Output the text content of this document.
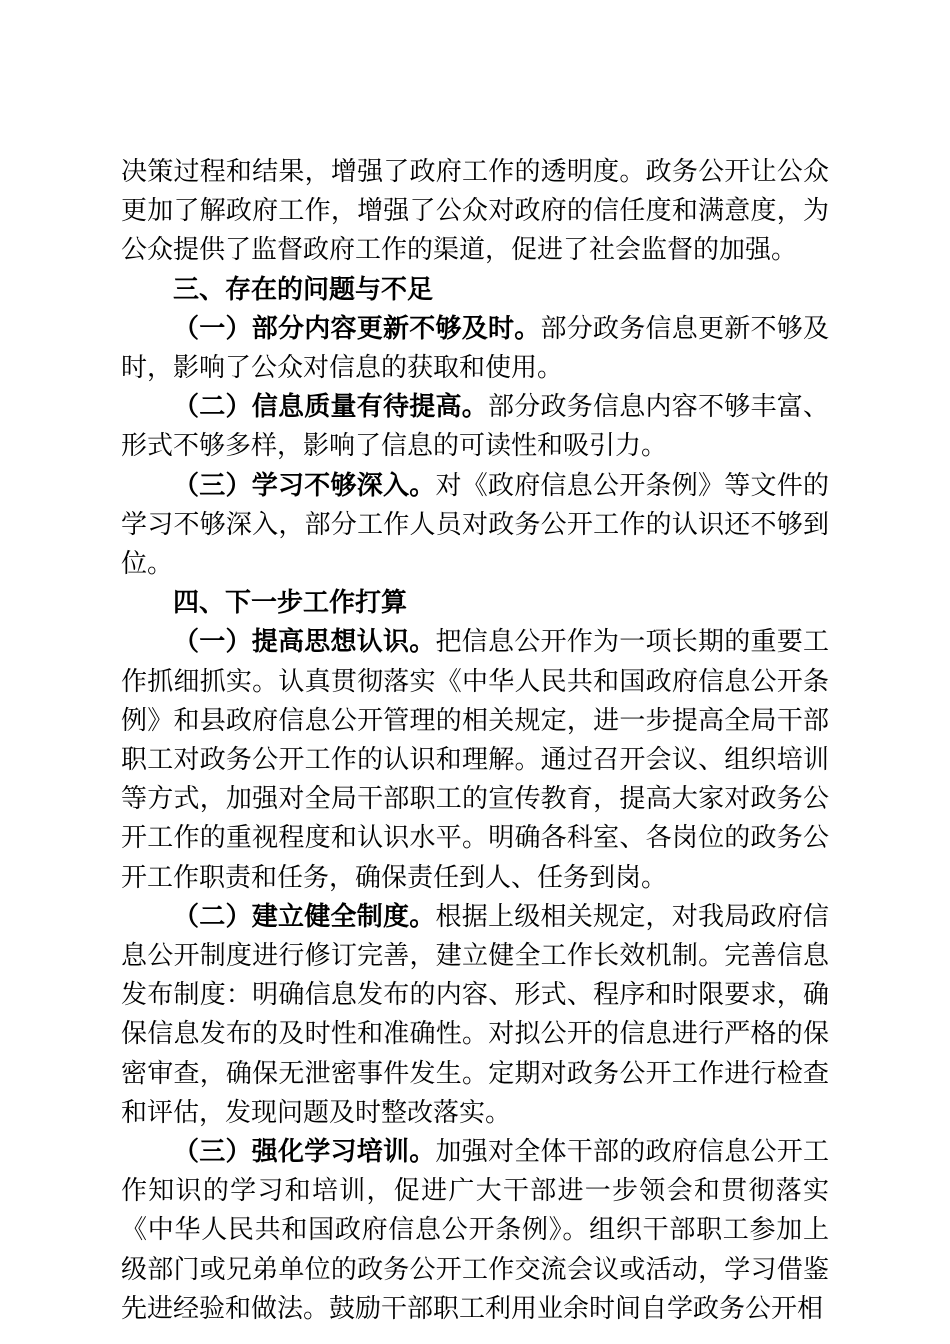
决策过程和结果，增强了政府工作的透明度。政务公开让公众更加了解政府工作，增强了公众对政府的信任度和满意度，为公众提供了监督政府工作的渠道，促进了社会监督的加强。

三、存在的问题与不足

（一）部分内容更新不够及时。部分政务信息更新不够及时，影响了公众对信息的获取和使用。

（二）信息质量有待提高。部分政务信息内容不够丰富、形式不够多样，影响了信息的可读性和吸引力。

（三）学习不够深入。对《政府信息公开条例》等文件的学习不够深入，部分工作人员对政务公开工作的认识还不够到位。

四、下一步工作打算

（一）提高思想认识。把信息公开作为一项长期的重要工作抓细抓实。认真贯彻落实《中华人民共和国政府信息公开条例》和县政府信息公开管理的相关规定，进一步提高全局干部职工对政务公开工作的认识和理解。通过召开会议、组织培训等方式，加强对全局干部职工的宣传教育，提高大家对政务公开工作的重视程度和认识水平。明确各科室、各岗位的政务公开工作职责和任务，确保责任到人、任务到岗。

（二）建立健全制度。根据上级相关规定，对我局政府信息公开制度进行修订完善，建立健全工作长效机制。完善信息发布制度：明确信息发布的内容、形式、程序和时限要求，确保信息发布的及时性和准确性。对拟公开的信息进行严格的保密审查，确保无泄密事件发生。定期对政务公开工作进行检查和评估，发现问题及时整改落实。

（三）强化学习培训。加强对全体干部的政府信息公开工作知识的学习和培训，促进广大干部进一步领会和贯彻落实《中华人民共和国政府信息公开条例》。组织干部职工参加上级部门或兄弟单位的政务公开工作交流会议或活动，学习借鉴先进经验和做法。鼓励干部职工利用业余时间自学政务公开相
